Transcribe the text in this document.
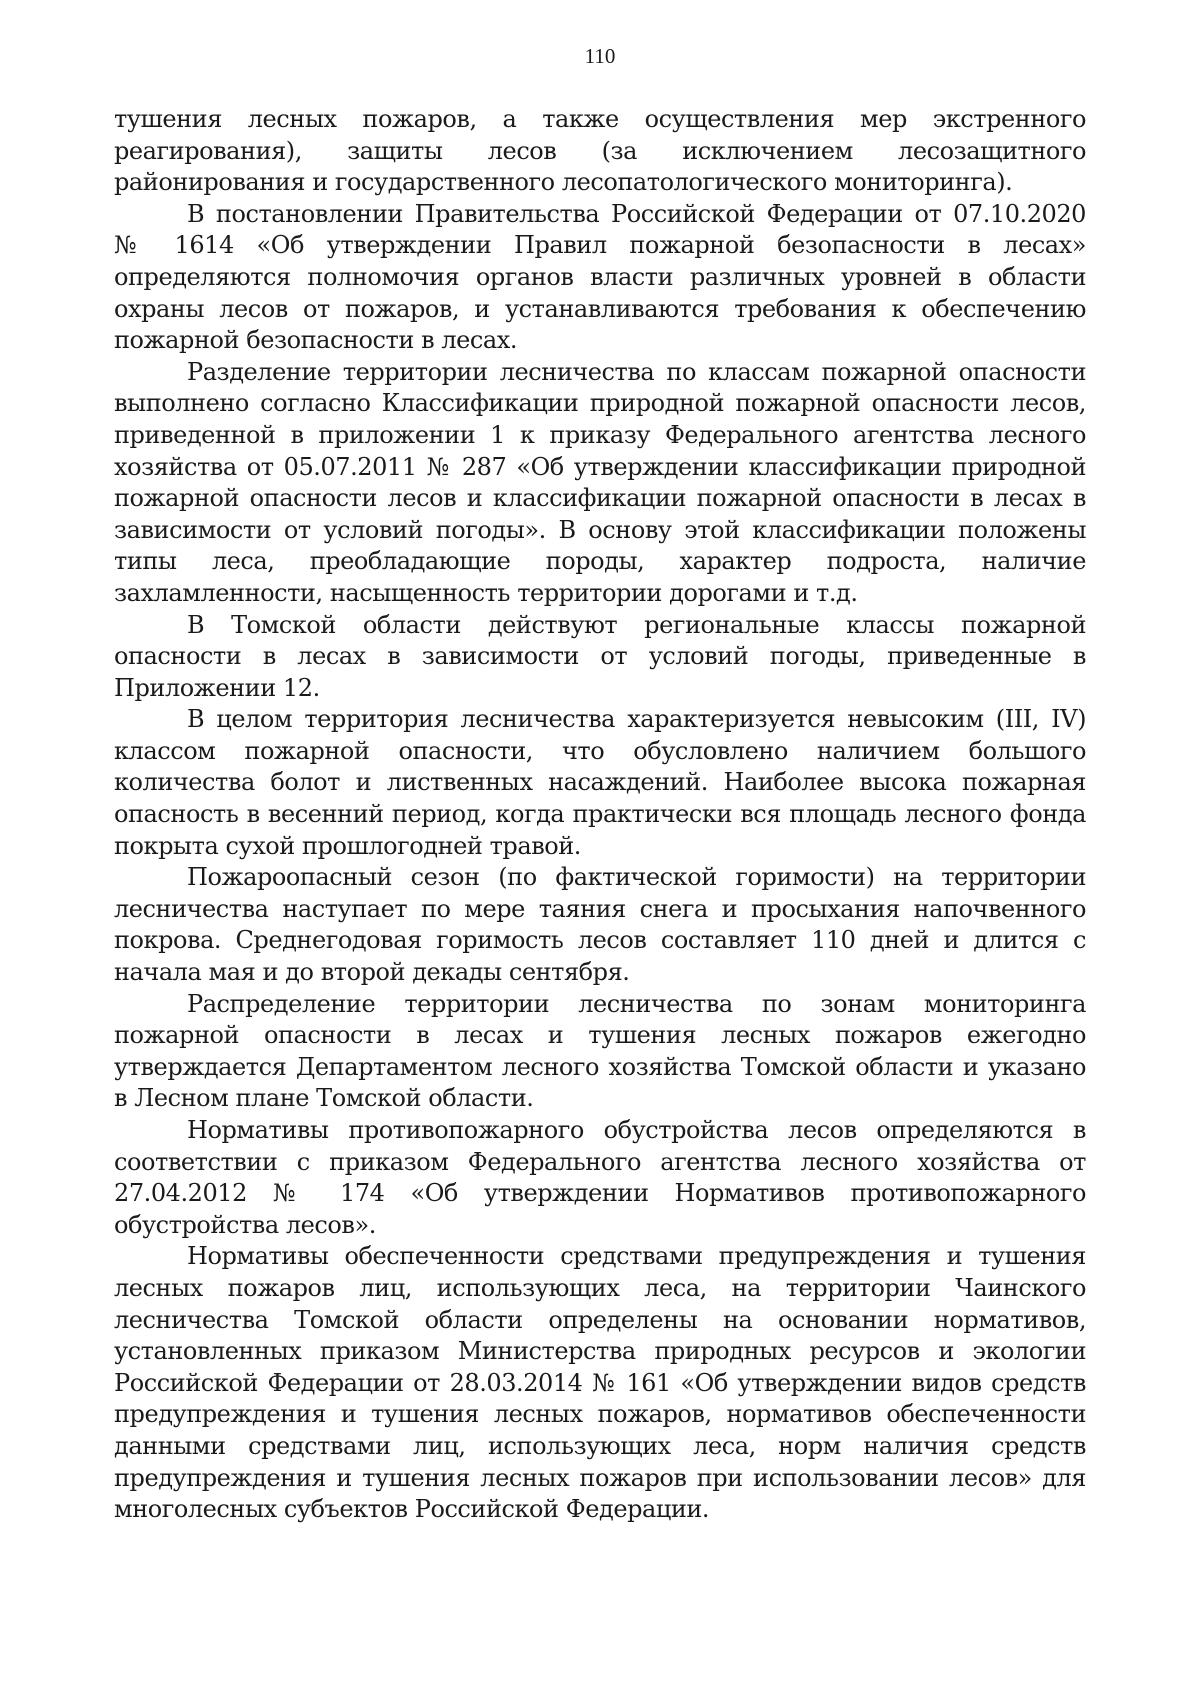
110

тушения лесных пожаров, а также осуществления мер экстренного реагирования), защиты лесов (за исключением лесозащитного районирования и государственного лесопатологического мониторинга).

В постановлении Правительства Российской Федерации от 07.10.2020 № 1614 «Об утверждении Правил пожарной безопасности в лесах» определяются полномочия органов власти различных уровней в области охраны лесов от пожаров, и устанавливаются требования к обеспечению пожарной безопасности в лесах.

Разделение территории лесничества по классам пожарной опасности выполнено согласно Классификации природной пожарной опасности лесов, приведенной в приложении 1 к приказу Федерального агентства лесного хозяйства от 05.07.2011 № 287 «Об утверждении классификации природной пожарной опасности лесов и классификации пожарной опасности в лесах в зависимости от условий погоды». В основу этой классификации положены типы леса, преобладающие породы, характер подроста, наличие захламленности, насыщенность территории дорогами и т.д.

В Томской области действуют региональные классы пожарной опасности в лесах в зависимости от условий погоды, приведенные в Приложении 12.

В целом территория лесничества характеризуется невысоким (III, IV) классом пожарной опасности, что обусловлено наличием большого количества болот и лиственных насаждений. Наиболее высока пожарная опасность в весенний период, когда практически вся площадь лесного фонда покрыта сухой прошлогодней травой.

Пожароопасный сезон (по фактической горимости) на территории лесничества наступает по мере таяния снега и просыхания напочвенного покрова. Среднегодовая горимость лесов составляет 110 дней и длится с начала мая и до второй декады сентября.

Распределение территории лесничества по зонам мониторинга пожарной опасности в лесах и тушения лесных пожаров ежегодно утверждается Департаментом лесного хозяйства Томской области и указано в Лесном плане Томской области.

Нормативы противопожарного обустройства лесов определяются в соответствии с приказом Федерального агентства лесного хозяйства от 27.04.2012 № 174 «Об утверждении Нормативов противопожарного обустройства лесов».

Нормативы обеспеченности средствами предупреждения и тушения лесных пожаров лиц, использующих леса, на территории Чаинского лесничества Томской области определены на основании нормативов, установленных приказом Министерства природных ресурсов и экологии Российской Федерации от 28.03.2014 № 161 «Об утверждении видов средств предупреждения и тушения лесных пожаров, нормативов обеспеченности данными средствами лиц, использующих леса, норм наличия средств предупреждения и тушения лесных пожаров при использовании лесов» для многолесных субъектов Российской Федерации.
